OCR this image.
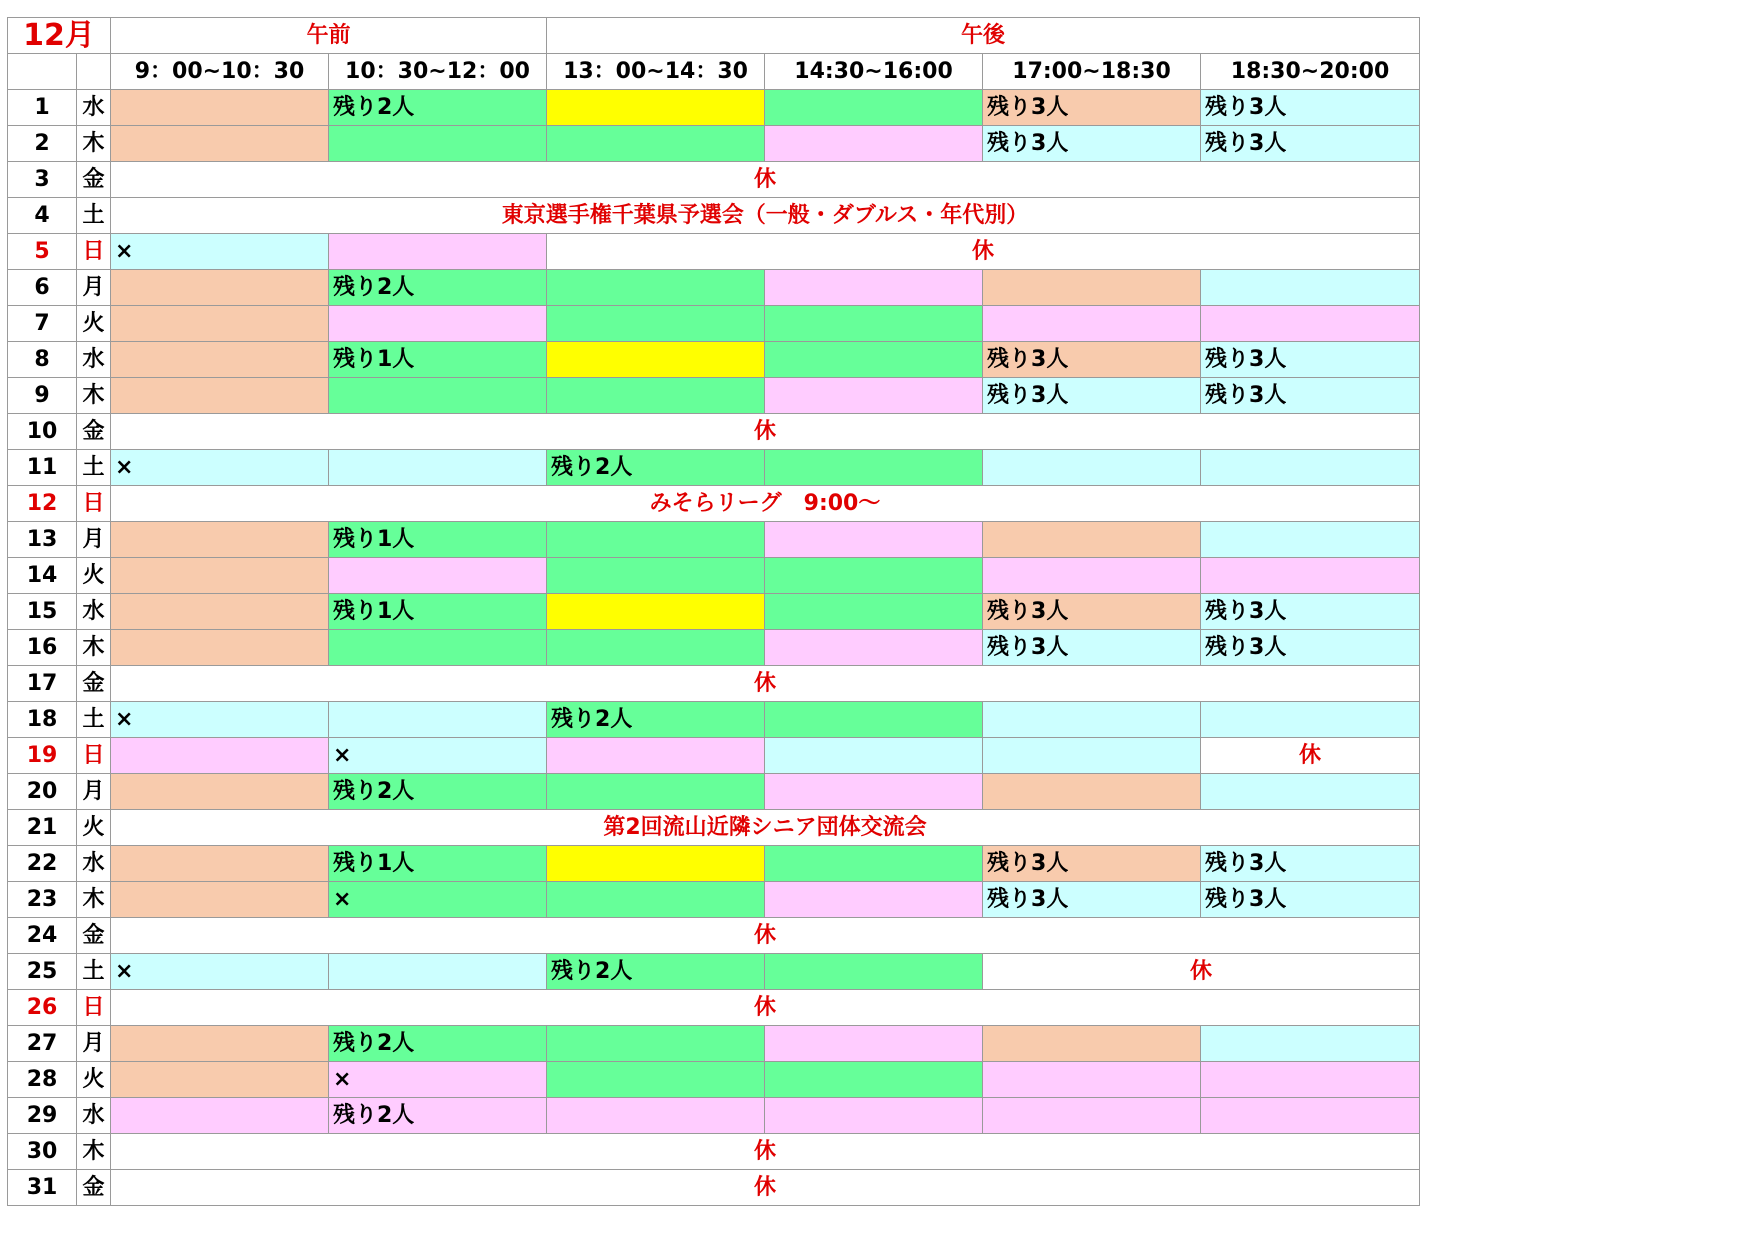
12月		午前		午後			
		9：00~10：30	10：30~12：00	13：00~14：30	14:30~16:00	17:00~18:30	18:30~20:00
1	水		残り2人			残り3人	残り3人
2	木					残り3人	残り3人
3	金	休					
4	土	東京選手権千葉県予選会（一般・ダブルス・年代別）					
5	日	×		休			
6	月		残り2人				
7	火						
8	水		残り1人			残り3人	残り3人
9	木					残り3人	残り3人
10	金	休					
11	土	×		残り2人			
12	日	みそらリーグ　9:00～					
13	月		残り1人				
14	火						
15	水		残り1人			残り3人	残り3人
16	木					残り3人	残り3人
17	金	休					
18	土	×		残り2人			
19	日		×				休
20	月		残り2人				
21	火	第2回流山近隣シニア団体交流会					
22	水		残り1人			残り3人	残り3人
23	木		×			残り3人	残り3人
24	金	休					
25	土	×		残り2人		休	
26	日	休					
27	月		残り2人				
28	火		×				
29	水		残り2人				
30	木	休					
31	金	休					
